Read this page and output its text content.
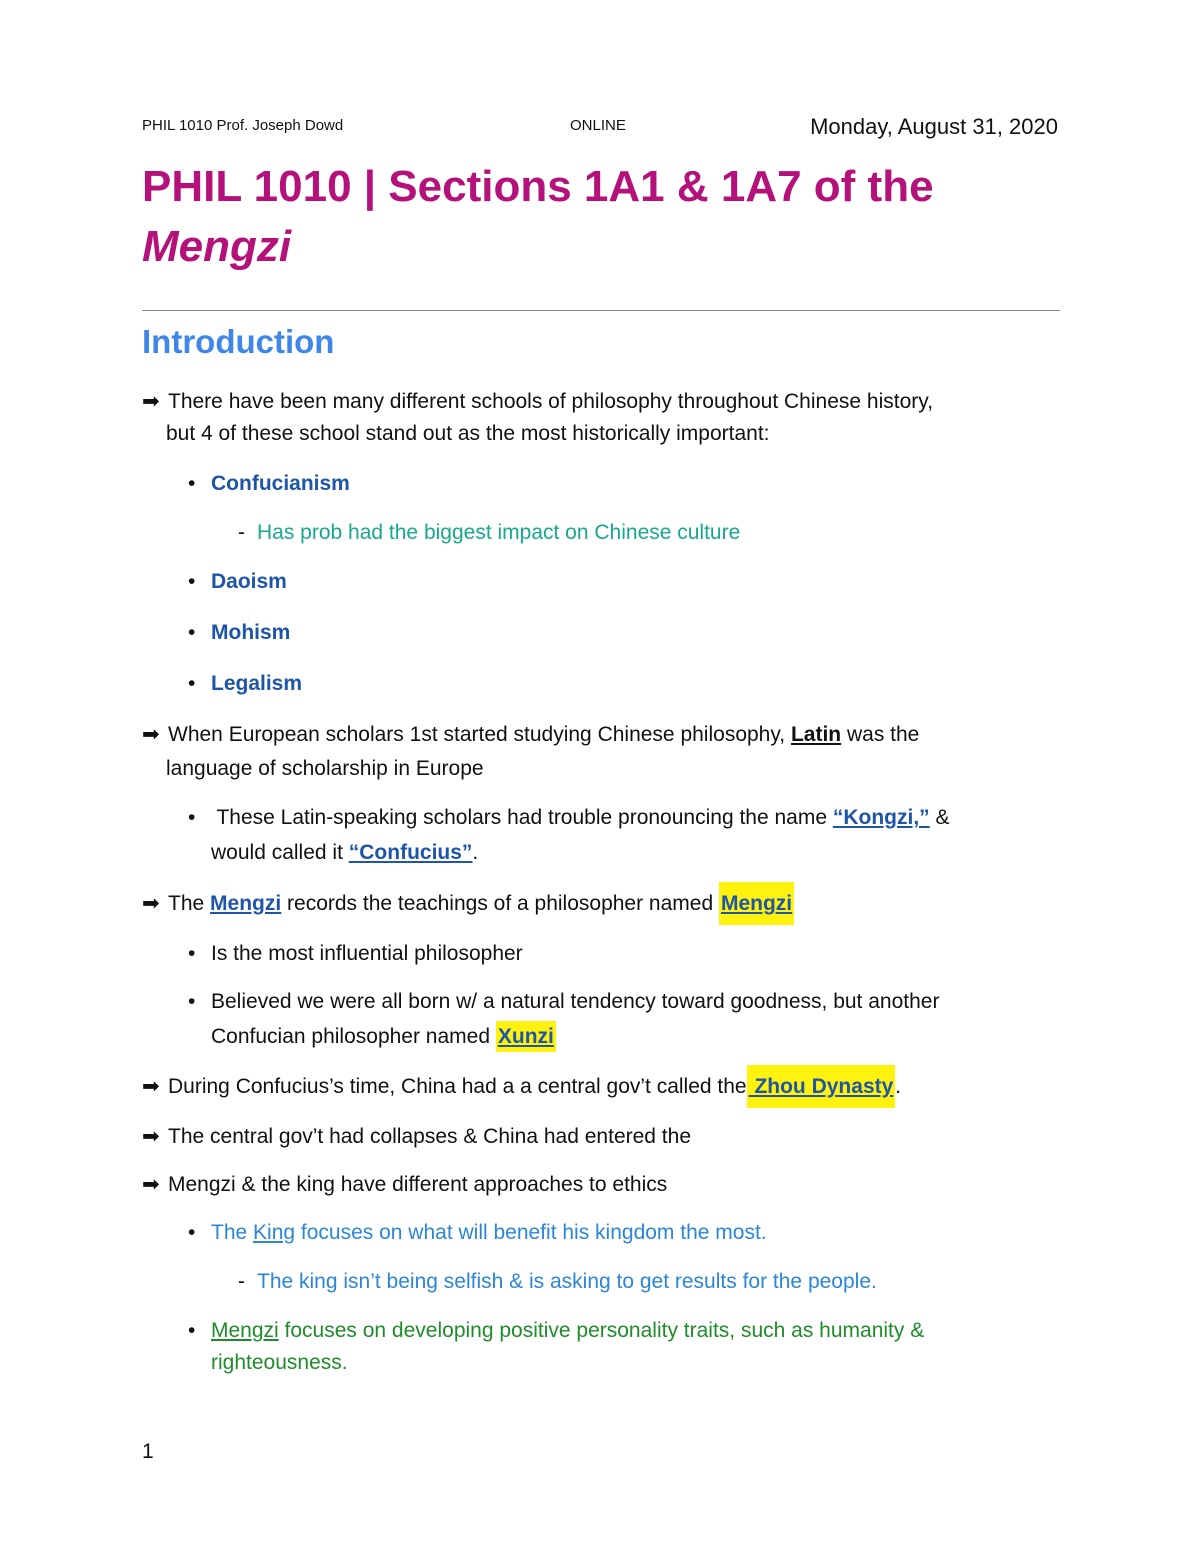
PHIL 1010 Prof. Joseph Dowd	ONLINE	Monday, August 31, 2020
PHIL 1010 | Sections 1A1 & 1A7 of the
Mengzi
Introduction
➡ There have been many different schools of philosophy throughout Chinese history,
but 4 of these school stand out as the most historically important:
• Confucianism
- Has prob had the biggest impact on Chinese culture
• Daoism
• Mohism
• Legalism
➡ When European scholars 1st started studying Chinese philosophy, Latin was the
language of scholarship in Europe
• These Latin-speaking scholars had trouble pronouncing the name “Kongzi,” &
would called it “Confucius”.
➡ The Mengzi records the teachings of a philosopher named Mengzi
• Is the most influential philosopher
• Believed we were all born w/ a natural tendency toward goodness, but another
Confucian philosopher named Xunzi
➡ During Confucius’s time, China had a a central gov’t called the Zhou Dynasty.
➡ The central gov’t had collapses & China had entered the
➡ Mengzi & the king have different approaches to ethics
• The King focuses on what will benefit his kingdom the most.
- The king isn’t being selfish & is asking to get results for the people.
• Mengzi focuses on developing positive personality traits, such as humanity &
righteousness.
1
